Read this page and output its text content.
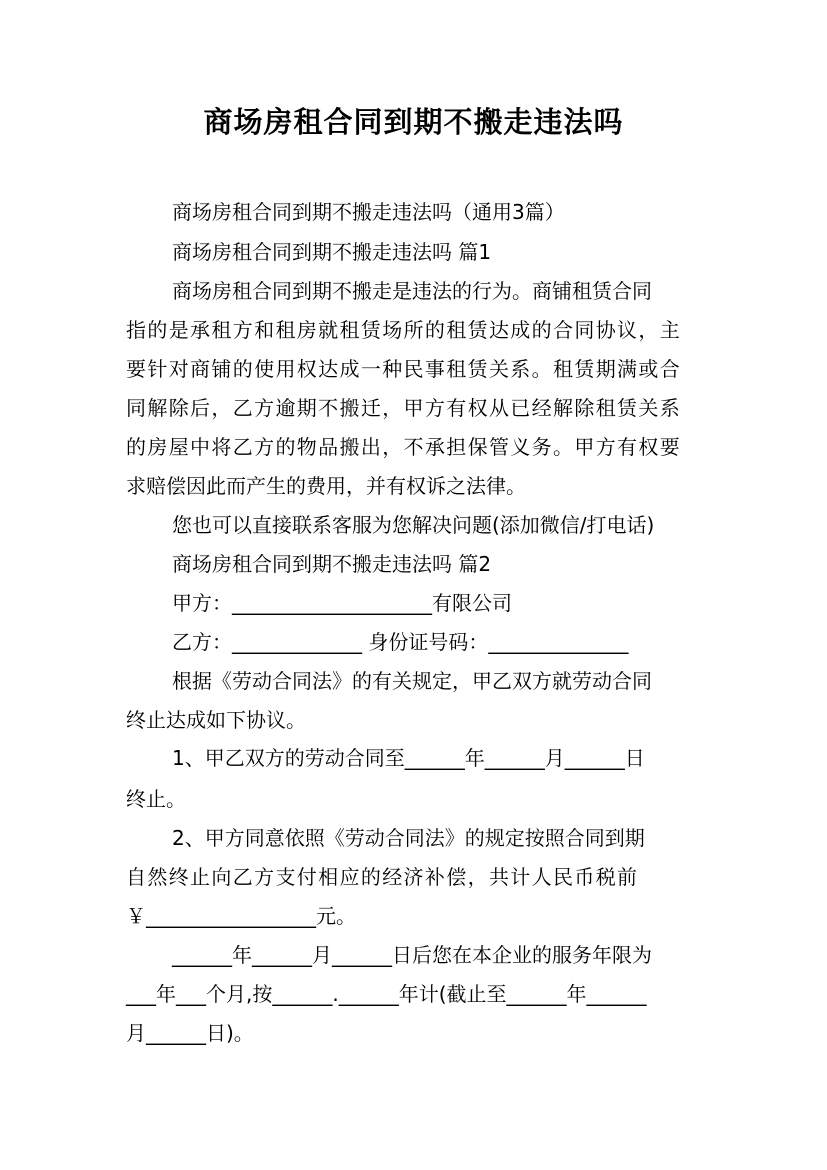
商场房租合同到期不搬走违法吗

商场房租合同到期不搬走违法吗（通用3篇）

商场房租合同到期不搬走违法吗 篇1

商场房租合同到期不搬走是违法的行为。商铺租赁合同

指的是承租方和租房就租赁场所的租赁达成的合同协议，主

要针对商铺的使用权达成一种民事租赁关系。租赁期满或合

同解除后，乙方逾期不搬迁，甲方有权从已经解除租赁关系

的房屋中将乙方的物品搬出，不承担保管义务。甲方有权要

求赔偿因此而产生的费用，并有权诉之法律。

您也可以直接联系客服为您解决问题(添加微信/打电话)

商场房租合同到期不搬走违法吗 篇2

甲方：____________________有限公司

乙方：_____________ 身份证号码：______________

根据《劳动合同法》的有关规定，甲乙双方就劳动合同

终止达成如下协议。

1、甲乙双方的劳动合同至______年______月______日

终止。

2、甲方同意依照《劳动合同法》的规定按照合同到期

自然终止向乙方支付相应的经济补偿，共计人民币税前

￥_________________元。

______年______月______日后您在本企业的服务年限为

___年___个月,按______.______年计(截止至______年______

月______日)。
